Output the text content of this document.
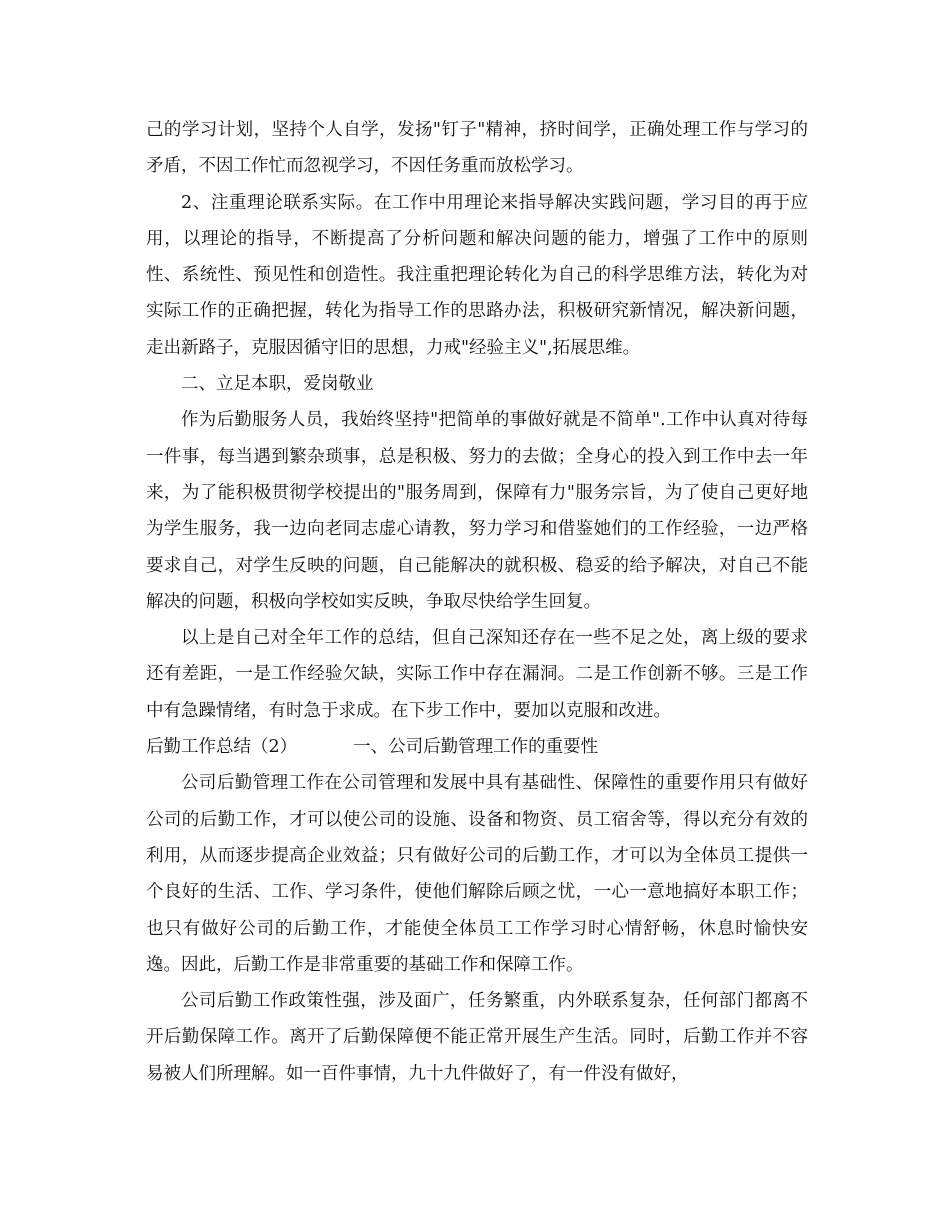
己的学习计划，坚持个人自学，发扬"钉子"精神，挤时间学，正确处理工作与学习的矛盾，不因工作忙而忽视学习，不因任务重而放松学习。

2、注重理论联系实际。在工作中用理论来指导解决实践问题，学习目的再于应用，以理论的指导，不断提高了分析问题和解决问题的能力，增强了工作中的原则性、系统性、预见性和创造性。我注重把理论转化为自己的科学思维方法，转化为对实际工作的正确把握，转化为指导工作的思路办法，积极研究新情况，解决新问题，走出新路子，克服因循守旧的思想，力戒"经验主义",拓展思维。

二、立足本职，爱岗敬业

作为后勤服务人员，我始终坚持"把简单的事做好就是不简单".工作中认真对待每一件事，每当遇到繁杂琐事，总是积极、努力的去做；全身心的投入到工作中去一年来，为了能积极贯彻学校提出的"服务周到，保障有力"服务宗旨，为了使自己更好地为学生服务，我一边向老同志虚心请教，努力学习和借鉴她们的工作经验，一边严格要求自己，对学生反映的问题，自己能解决的就积极、稳妥的给予解决，对自己不能解决的问题，积极向学校如实反映，争取尽快给学生回复。

以上是自己对全年工作的总结，但自己深知还存在一些不足之处，离上级的要求还有差距，一是工作经验欠缺，实际工作中存在漏洞。二是工作创新不够。三是工作中有急躁情绪，有时急于求成。在下步工作中，要加以克服和改进。

后勤工作总结（2）	一、公司后勤管理工作的重要性

公司后勤管理工作在公司管理和发展中具有基础性、保障性的重要作用只有做好公司的后勤工作，才可以使公司的设施、设备和物资、员工宿舍等，得以充分有效的利用，从而逐步提高企业效益；只有做好公司的后勤工作，才可以为全体员工提供一个良好的生活、工作、学习条件，使他们解除后顾之忧，一心一意地搞好本职工作；也只有做好公司的后勤工作，才能使全体员工工作学习时心情舒畅，休息时愉快安逸。因此，后勤工作是非常重要的基础工作和保障工作。

公司后勤工作政策性强，涉及面广，任务繁重，内外联系复杂，任何部门都离不开后勤保障工作。离开了后勤保障便不能正常开展生产生活。同时，后勤工作并不容易被人们所理解。如一百件事情，九十九件做好了，有一件没有做好，
